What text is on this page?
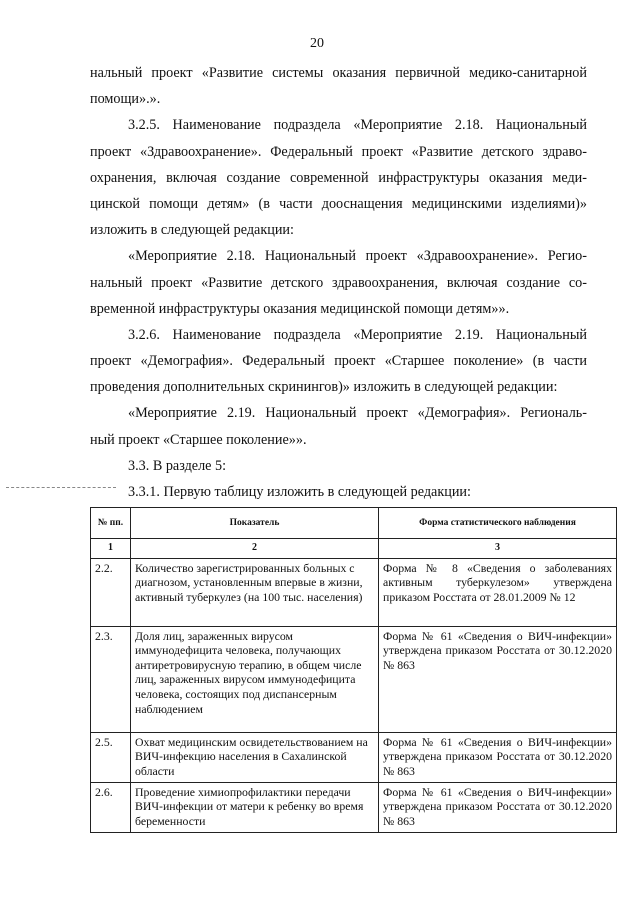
20
нальный проект «Развитие системы оказания первичной медико-санитарной
помощи».».
3.2.5. Наименование подраздела «Мероприятие 2.18. Национальный
проект «Здравоохранение». Федеральный проект «Развитие детского здраво-
охранения, включая создание современной инфраструктуры оказания меди-
цинской помощи детям» (в части дооснащения медицинскими изделиями)»
изложить в следующей редакции:
«Мероприятие 2.18. Национальный проект «Здравоохранение». Регио-
нальный проект «Развитие детского здравоохранения, включая создание со-
временной инфраструктуры оказания медицинской помощи детям»».
3.2.6. Наименование подраздела «Мероприятие 2.19. Национальный
проект «Демография». Федеральный проект «Старшее поколение» (в части
проведения дополнительных скринингов)» изложить в следующей редакции:
«Мероприятие 2.19. Национальный проект «Демография». Региональ-
ный проект «Старшее поколение»».
3.3. В разделе 5:
3.3.1. Первую таблицу изложить в следующей редакции:
№ пп.	Показатель	Форма статистического наблюдения
1	2	3
2.2.	Количество зарегистрированных больных с диагнозом, установленным впервые в жизни, активный туберкулез (на 100 тыс. населения)	Форма № 8 «Сведения о заболеваниях активным туберкулезом» утверждена приказом Росстата от 28.01.2009 № 12
2.3.	Доля лиц, зараженных вирусом иммунодефицита человека, получающих антиретровирусную терапию, в общем числе лиц, зараженных вирусом иммунодефицита человека, состоящих под диспансерным наблюдением	Форма № 61 «Сведения о ВИЧ-инфекции» утверждена приказом Росстата от 30.12.2020 № 863
2.5.	Охват медицинским освидетельствованием на ВИЧ-инфекцию населения в Сахалинской области	Форма № 61 «Сведения о ВИЧ-инфекции» утверждена приказом Росстата от 30.12.2020 № 863
2.6.	Проведение химиопрофилактики передачи ВИЧ-инфекции от матери к ребенку во время беременности	Форма № 61 «Сведения о ВИЧ-инфекции» утверждена приказом Росстата от 30.12.2020 № 863
